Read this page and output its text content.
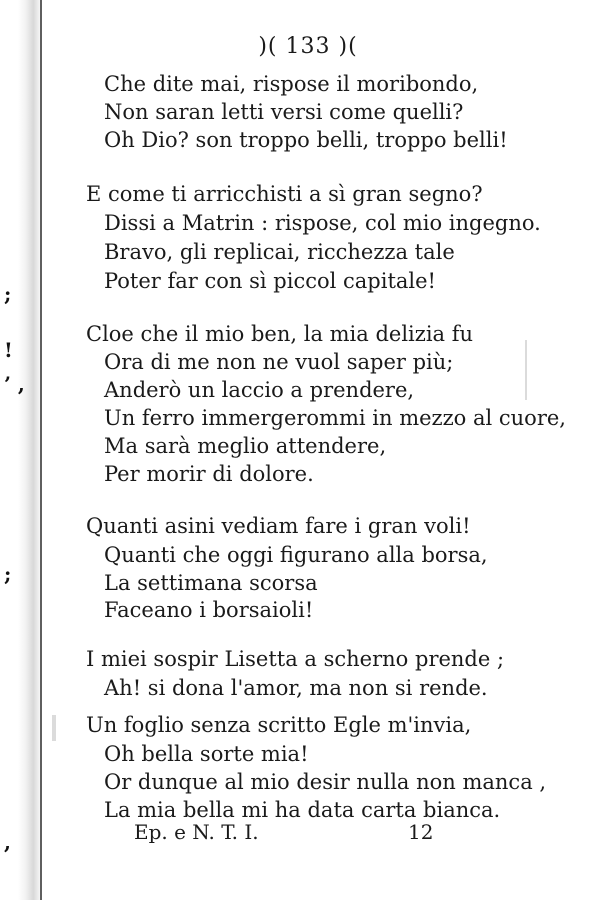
;
!
’ ,
;
,
)( 133 )(
Che dite mai, rispose il moribondo,
Non saran letti versi come quelli?
Oh Dio? son troppo belli, troppo belli!
E come ti arricchisti a sì gran segno?
Dissi a Matrin : rispose, col mio ingegno.
Bravo, gli replicai, ricchezza tale
Poter far con sì piccol capitale!
Cloe che il mio ben, la mia delizia fu
Ora di me non ne vuol saper più;
Anderò un laccio a prendere,
Un ferro immergerommi in mezzo al cuore,
Ma sarà meglio attendere,
Per morir di dolore.
Quanti asini vediam fare i gran voli!
Quanti che oggi figurano alla borsa,
La settimana scorsa
Faceano i borsaioli!
I miei sospir Lisetta a scherno prende ;
Ah! si dona l'amor, ma non si rende.
Un foglio senza scritto Egle m'invia,
Oh bella sorte mia!
Or dunque al mio desir nulla non manca ,
La mia bella mi ha data carta bianca.
Ep. e N. T. I.	12
